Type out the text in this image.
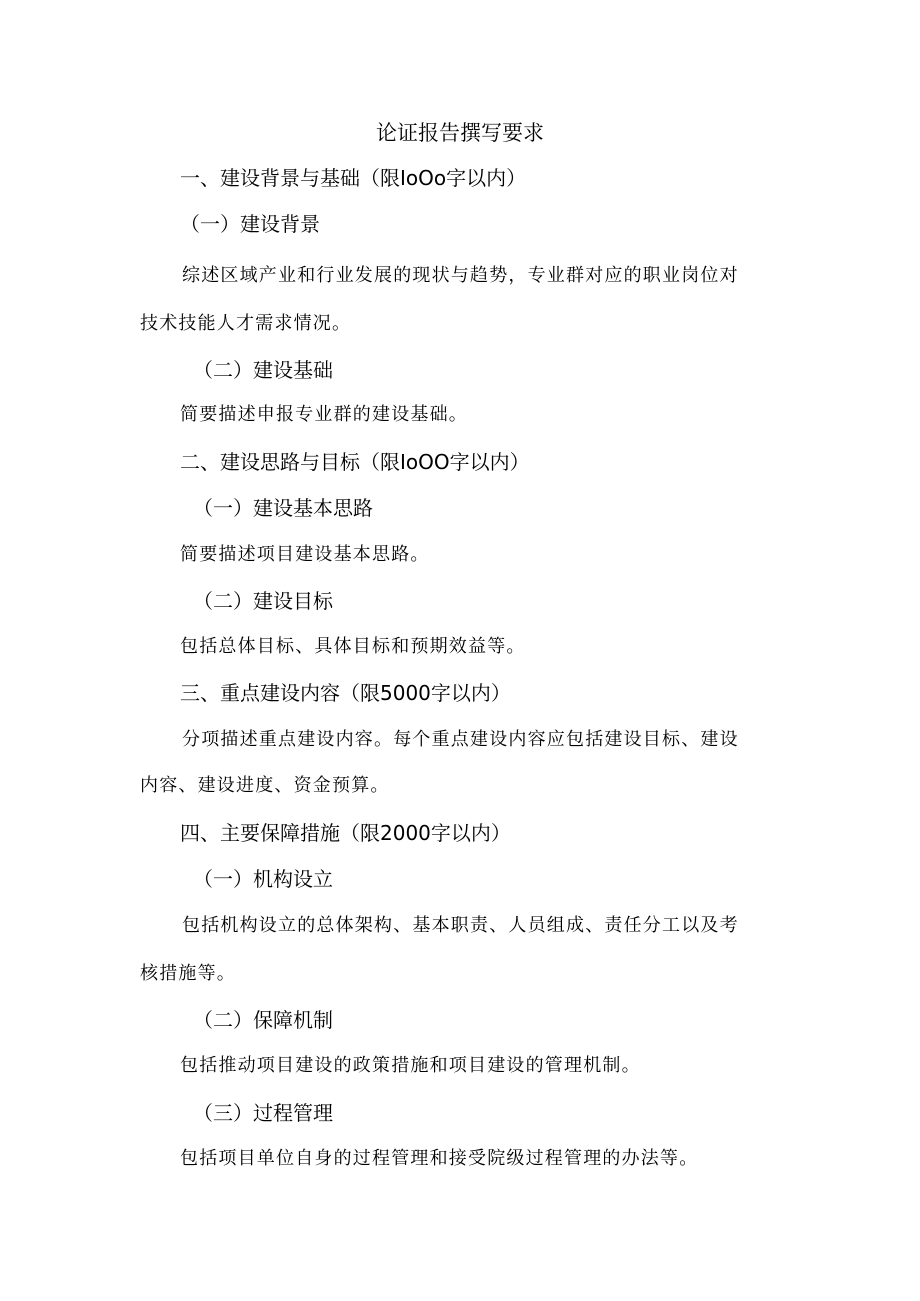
论证报告撰写要求
一、建设背景与基础（限IoOo字以内）
（一）建设背景
综述区域产业和行业发展的现状与趋势，专业群对应的职业岗位对
技术技能人才需求情况。
（二）建设基础
简要描述申报专业群的建设基础。
二、建设思路与目标（限IoOO字以内）
（一）建设基本思路
简要描述项目建设基本思路。
（二）建设目标
包括总体目标、具体目标和预期效益等。
三、重点建设内容（限5000字以内）
分项描述重点建设内容。每个重点建设内容应包括建设目标、建设
内容、建设进度、资金预算。
四、主要保障措施（限2000字以内）
（一）机构设立
包括机构设立的总体架构、基本职责、人员组成、责任分工以及考
核措施等。
（二）保障机制
包括推动项目建设的政策措施和项目建设的管理机制。
（三）过程管理
包括项目单位自身的过程管理和接受院级过程管理的办法等。
